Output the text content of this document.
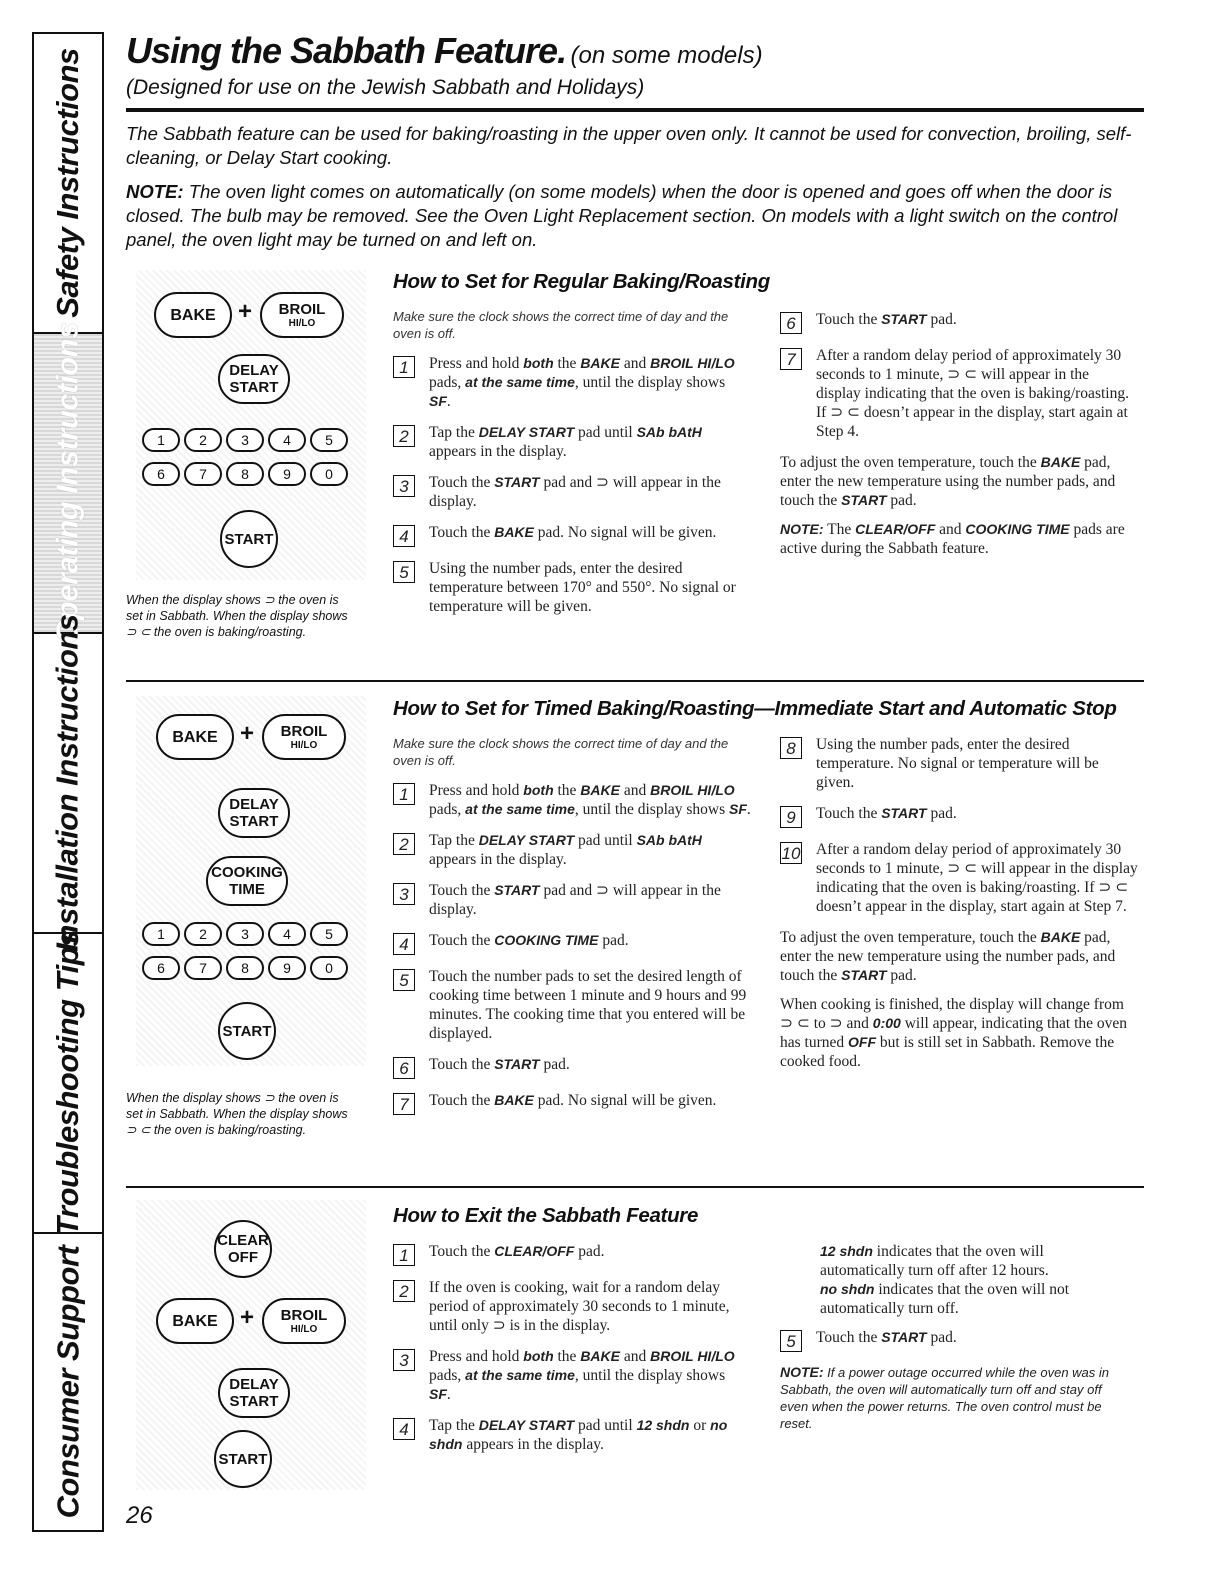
Safety Instructions
Operating Instructions
Installation Instructions
Troubleshooting Tips
Consumer Support
Using the Sabbath Feature. (on some models)
(Designed for use on the Jewish Sabbath and Holidays)
The Sabbath feature can be used for baking/roasting in the upper oven only. It cannot be used for convection, broiling, self-cleaning, or Delay Start cooking.
NOTE: The oven light comes on automatically (on some models) when the door is opened and goes off when the door is closed. The bulb may be removed. See the Oven Light Replacement section. On models with a light switch on the control panel, the oven light may be turned on and left on.
BAKE + BROIL
HI/LO
DELAY
START
1	2	3	4	5
6	7	8	9	0
START
When the display shows ⊃ the oven is set in Sabbath. When the display shows ⊃ ⊂ the oven is baking/roasting.
How to Set for Regular Baking/Roasting
Make sure the clock shows the correct time of day and the oven is off.
1	Press and hold both the BAKE and BROIL HI/LO pads, at the same time, until the display shows SF.
2	Tap the DELAY START pad until SAb bAtH appears in the display.
3	Touch the START pad and ⊃ will appear in the display.
4	Touch the BAKE pad. No signal will be given.
5	Using the number pads, enter the desired temperature between 170° and 550°. No signal or temperature will be given.
6	Touch the START pad.
7	After a random delay period of approximately 30 seconds to 1 minute, ⊃ ⊂ will appear in the display indicating that the oven is baking/roasting. If ⊃ ⊂ doesn’t appear in the display, start again at Step 4.
To adjust the oven temperature, touch the BAKE pad, enter the new temperature using the number pads, and touch the START pad.
NOTE: The CLEAR/OFF and COOKING TIME pads are active during the Sabbath feature.
BAKE + BROIL
HI/LO
DELAY
START
COOKING
TIME
1	2	3	4	5
6	7	8	9	0
START
When the display shows ⊃ the oven is set in Sabbath. When the display shows ⊃ ⊂ the oven is baking/roasting.
How to Set for Timed Baking/Roasting—Immediate Start and Automatic Stop
Make sure the clock shows the correct time of day and the oven is off.
1	Press and hold both the BAKE and BROIL HI/LO pads, at the same time, until the display shows SF.
2	Tap the DELAY START pad until SAb bAtH appears in the display.
3	Touch the START pad and ⊃ will appear in the display.
4	Touch the COOKING TIME pad.
5	Touch the number pads to set the desired length of cooking time between 1 minute and 9 hours and 99 minutes. The cooking time that you entered will be displayed.
6	Touch the START pad.
7	Touch the BAKE pad. No signal will be given.
8	Using the number pads, enter the desired temperature. No signal or temperature will be given.
9	Touch the START pad.
10 After a random delay period of approximately 30 seconds to 1 minute, ⊃ ⊂ will appear in the display indicating that the oven is baking/roasting. If ⊃ ⊂ doesn’t appear in the display, start again at Step 7.
To adjust the oven temperature, touch the BAKE pad, enter the new temperature using the number pads, and touch the START pad.
When cooking is finished, the display will change from ⊃ ⊂ to ⊃ and 0:00 will appear, indicating that the oven has turned OFF but is still set in Sabbath. Remove the cooked food.
CLEAR
OFF
BAKE + BROIL
HI/LO
DELAY
START
START
How to Exit the Sabbath Feature
1	Touch the CLEAR/OFF pad.
2	If the oven is cooking, wait for a random delay period of approximately 30 seconds to 1 minute, until only ⊃ is in the display.
3	Press and hold both the BAKE and BROIL HI/LO pads, at the same time, until the display shows SF.
4	Tap the DELAY START pad until 12 shdn or no shdn appears in the display.
12 shdn indicates that the oven will automatically turn off after 12 hours.
no shdn indicates that the oven will not automatically turn off.
5	Touch the START pad.
NOTE: If a power outage occurred while the oven was in Sabbath, the oven will automatically turn off and stay off even when the power returns. The oven control must be reset.
26
